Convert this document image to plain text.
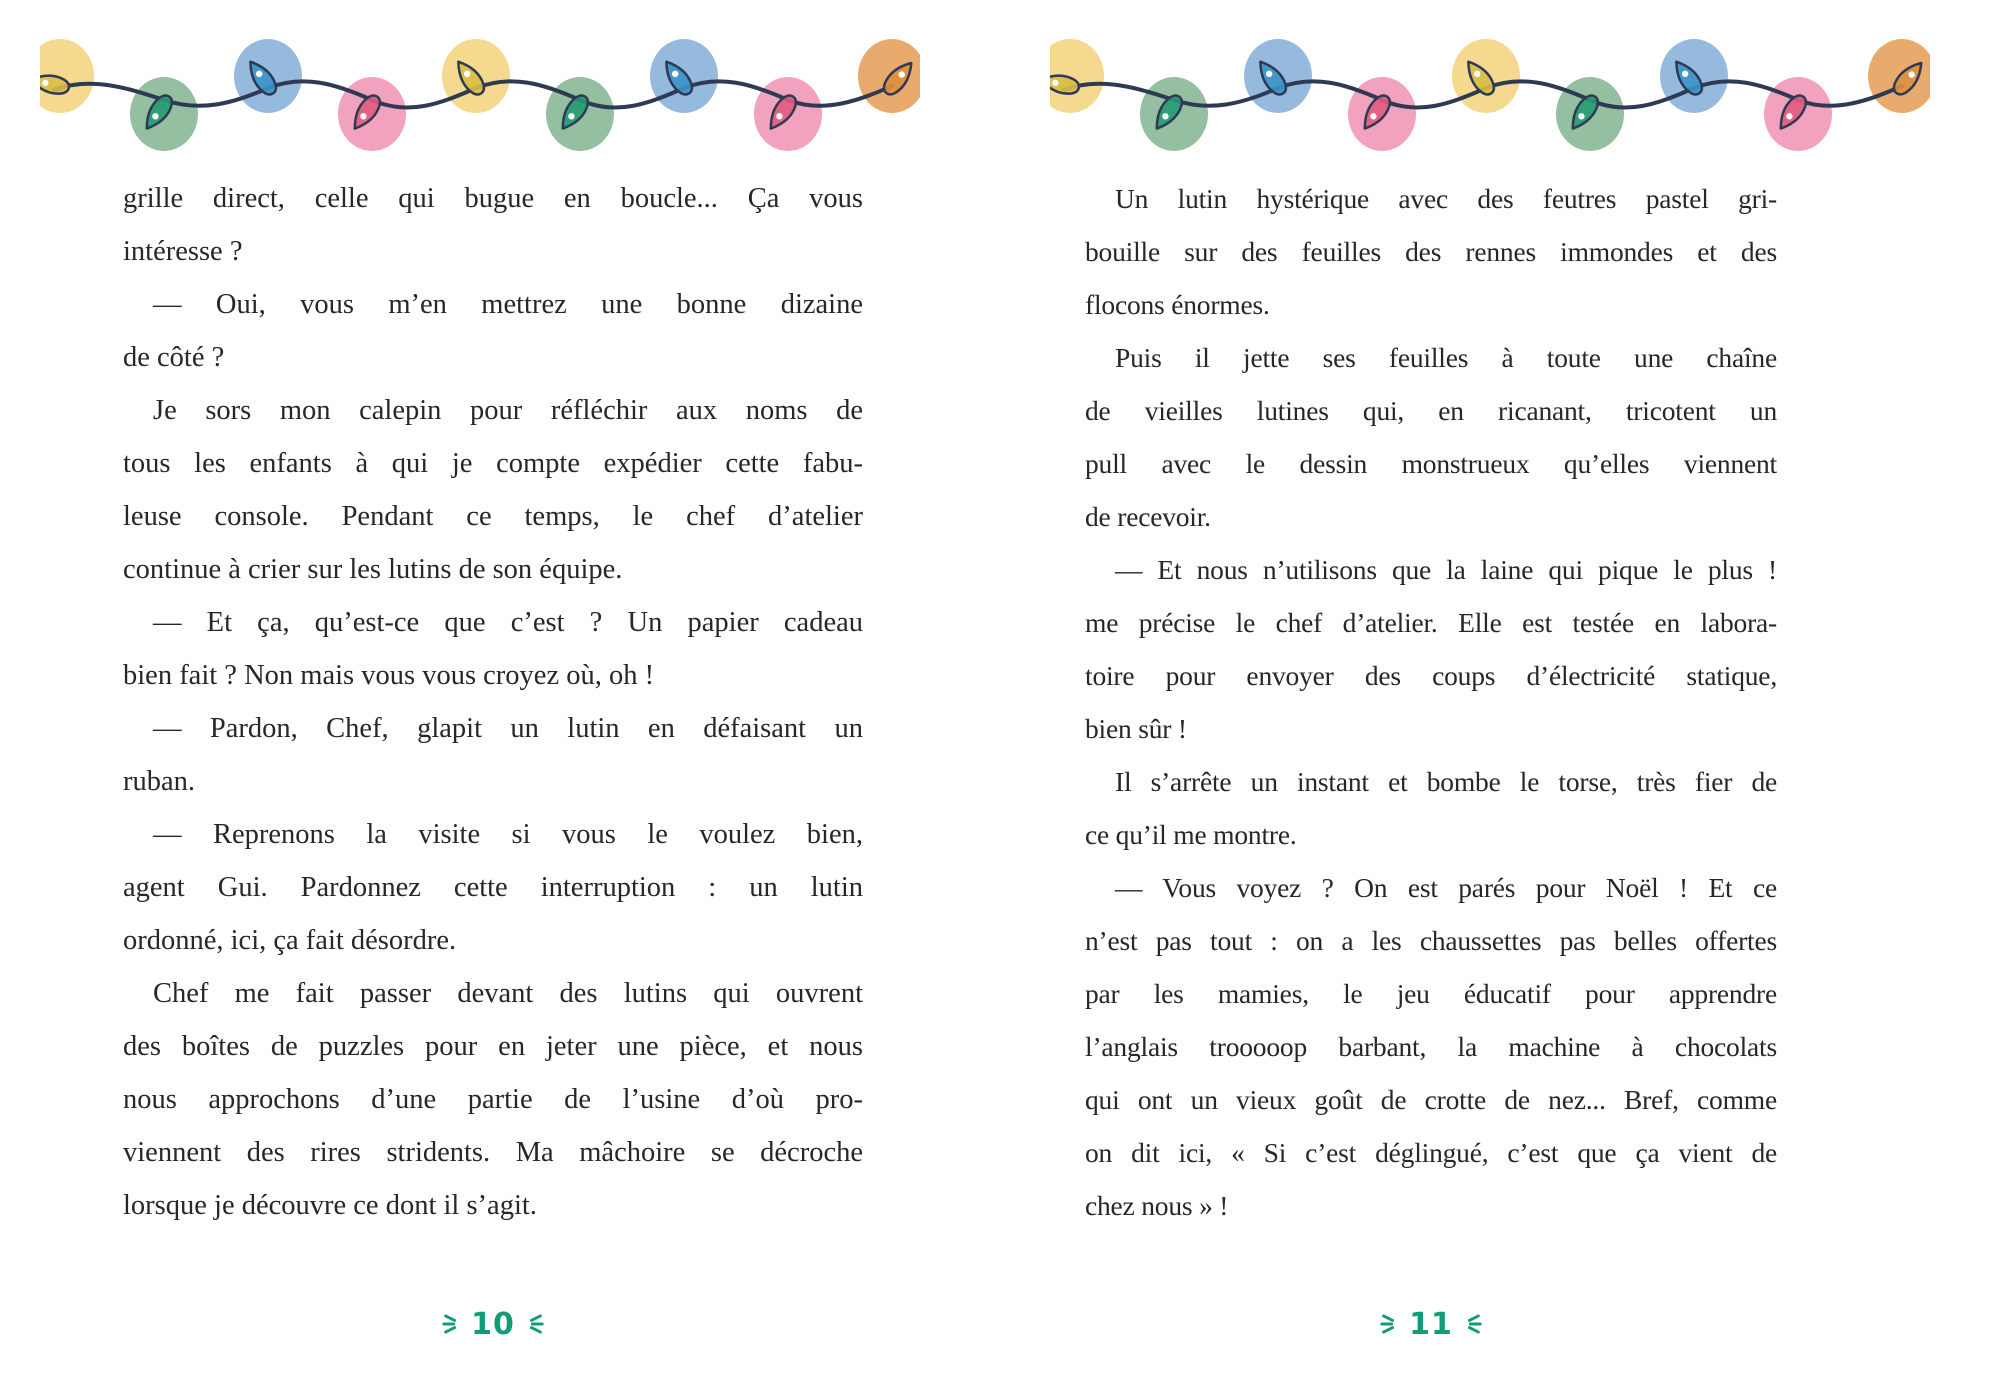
grille direct, celle qui bugue en boucle... Ça vous
intéresse ?
— Oui, vous m’en mettrez une bonne dizaine
de côté ?
Je sors mon calepin pour réfléchir aux noms de
tous les enfants à qui je compte expédier cette fabu-
leuse console. Pendant ce temps, le chef d’atelier
continue à crier sur les lutins de son équipe.
— Et ça, qu’est-ce que c’est ? Un papier cadeau
bien fait ? Non mais vous vous croyez où, oh !
— Pardon, Chef, glapit un lutin en défaisant un
ruban.
— Reprenons la visite si vous le voulez bien,
agent Gui. Pardonnez cette interruption : un lutin
ordonné, ici, ça fait désordre.
Chef me fait passer devant des lutins qui ouvrent
des boîtes de puzzles pour en jeter une pièce, et nous
nous approchons d’une partie de l’usine d’où pro-
viennent des rires stridents. Ma mâchoire se décroche
lorsque je découvre ce dont il s’agit.
Un lutin hystérique avec des feutres pastel gri-
bouille sur des feuilles des rennes immondes et des
flocons énormes.
Puis il jette ses feuilles à toute une chaîne
de vieilles lutines qui, en ricanant, tricotent un
pull avec le dessin monstrueux qu’elles viennent
de recevoir.
— Et nous n’utilisons que la laine qui pique le plus !
me précise le chef d’atelier. Elle est testée en labora-
toire pour envoyer des coups d’électricité statique,
bien sûr !
Il s’arrête un instant et bombe le torse, très fier de
ce qu’il me montre.
— Vous voyez ? On est parés pour Noël ! Et ce
n’est pas tout : on a les chaussettes pas belles offertes
par les mamies, le jeu éducatif pour apprendre
l’anglais trooooop barbant, la machine à chocolats
qui ont un vieux goût de crotte de nez... Bref, comme
on dit ici, « Si c’est déglingué, c’est que ça vient de
chez nous » !
10	11
